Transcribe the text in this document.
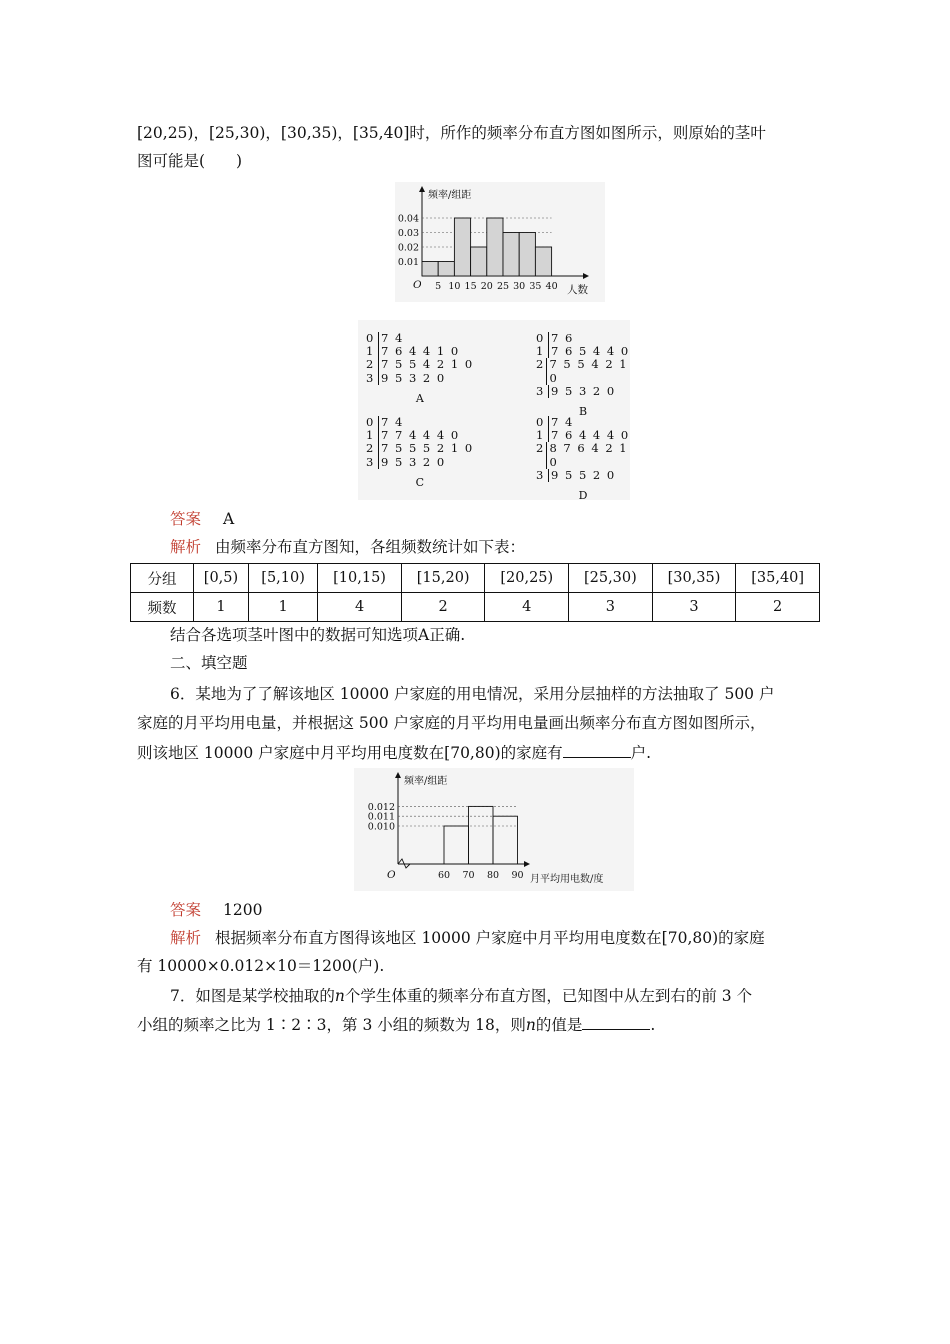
[20,25)，[25,30)，[30,35)，[35,40]时，所作的频率分布直方图如图所示，则原始的茎叶
图可能是(　　)
频率/组距
人数
O
0.04
0.03
0.02
0.01
5 10 15 20 25 30 35 40
0 7 4
1 7 6 4 4 1 0
2 7 5 5 4 2 1 0
3 9 5 3 2 0
A
0 7 6
1 7 6 5 4 4 0
2 7 5 5 4 2 1 0
3 9 5 3 2 0
B
0 7 4
1 7 7 4 4 4 0
2 7 5 5 5 2 1 0
3 9 5 3 2 0
C
0 7 4
1 7 6 4 4 4 0
2 8 7 6 4 2 1 0
3 9 5 5 2 0
D
答案 A
解析 由频率分布直方图知，各组频数统计如下表：
分组	[0,5)	[5,10)	[10,15)	[15,20)	[20,25)	[25,30)	[30,35)	[35,40]
频数	1	1	4	2	4	3	3	2
结合各选项茎叶图中的数据可知选项A正确.
二、填空题
6．某地为了了解该地区 10000 户家庭的用电情况，采用分层抽样的方法抽取了 500 户
家庭的月平均用电量，并根据这 500 户家庭的月平均用电量画出频率分布直方图如图所示，
则该地区 10000 户家庭中月平均用电度数在[70,80)的家庭有	户.
频率/组距
月平均用电数/度
O
0.012
0.011
0.010
60 70 80 90
答案 1200
解析 根据频率分布直方图得该地区 10000 户家庭中月平均用电度数在[70,80)的家庭
有 10000×0.012×10＝1200(户).
7．如图是某学校抽取的n个学生体重的频率分布直方图，已知图中从左到右的前 3 个
小组的频率之比为 1∶2∶3，第 3 小组的频数为 18，则n的值是	.
